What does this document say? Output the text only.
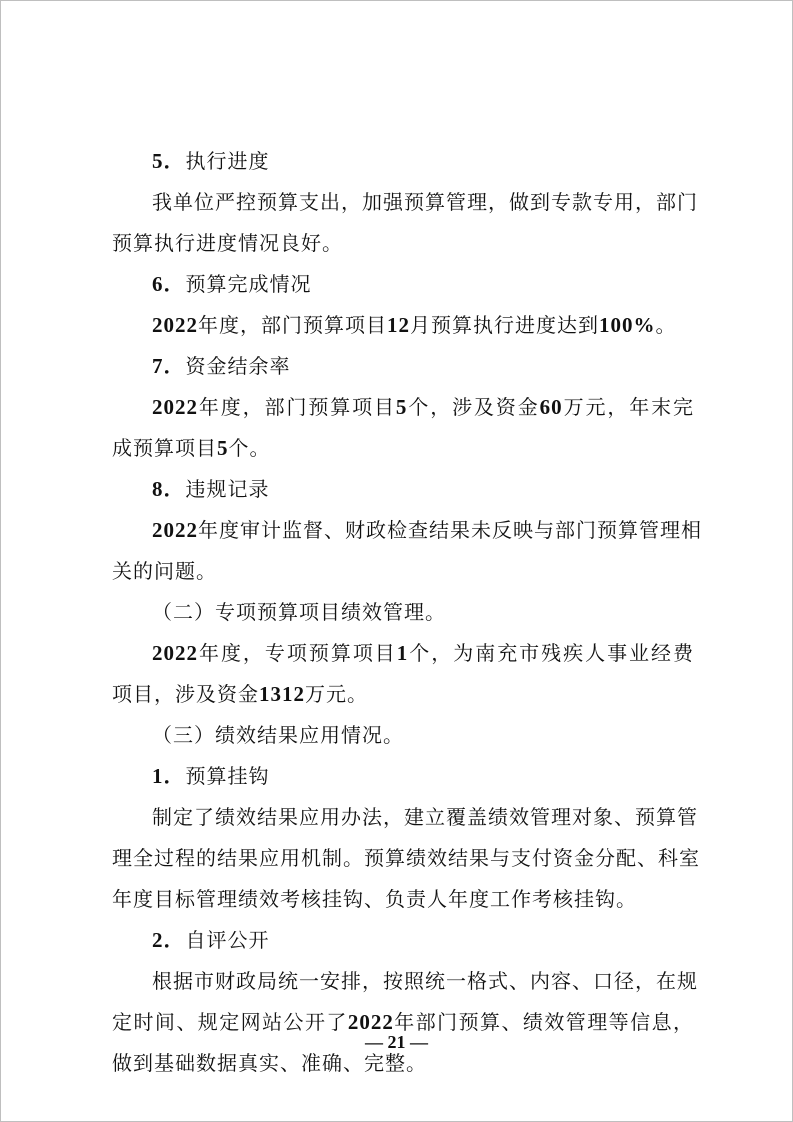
5．执行进度
我单位严控预算支出，加强预算管理，做到专款专用，部门
预算执行进度情况良好。
6．预算完成情况
2022年度，部门预算项目12月预算执行进度达到100%。
7．资金结余率
2022年度，部门预算项目5个，涉及资金60万元，年末完
成预算项目5个。
8．违规记录
2022年度审计监督、财政检查结果未反映与部门预算管理相
关的问题。
（二）专项预算项目绩效管理。
2022年度，专项预算项目1个，为南充市残疾人事业经费
项目，涉及资金1312万元。
（三）绩效结果应用情况。
1．预算挂钩
制定了绩效结果应用办法，建立覆盖绩效管理对象、预算管
理全过程的结果应用机制。预算绩效结果与支付资金分配、科室
年度目标管理绩效考核挂钩、负责人年度工作考核挂钩。
2．自评公开
根据市财政局统一安排，按照统一格式、内容、口径，在规
定时间、规定网站公开了2022年部门预算、绩效管理等信息，
做到基础数据真实、准确、完整。
— 21 —
